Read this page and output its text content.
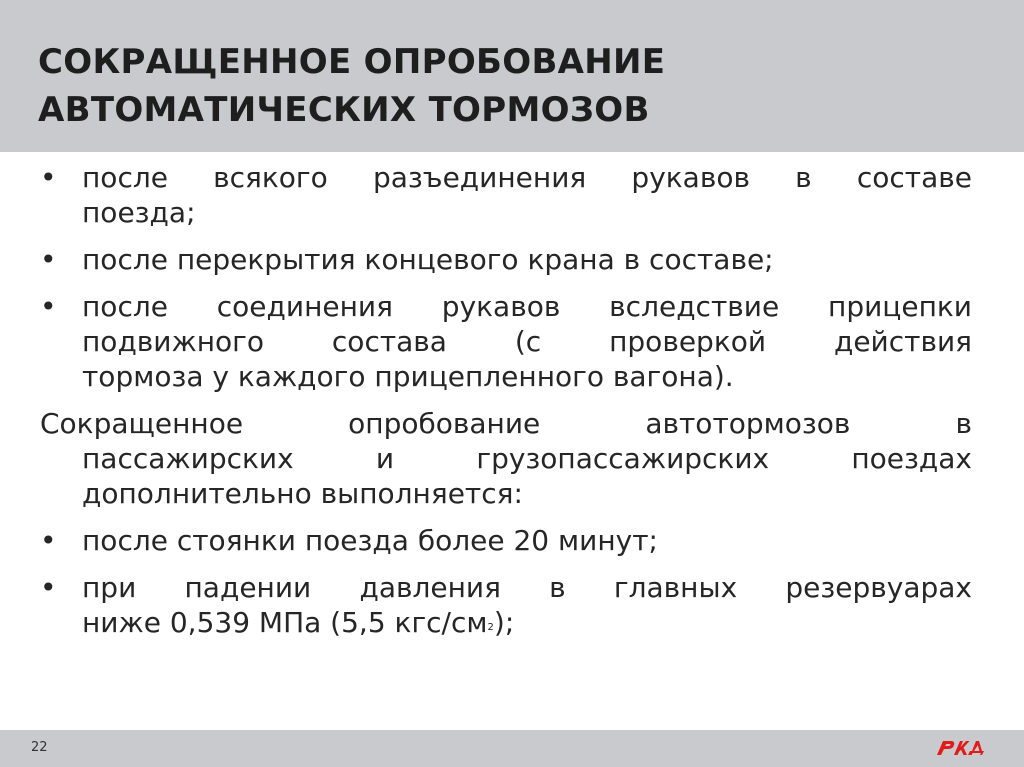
СОКРАЩЕННОЕ ОПРОБОВАНИЕ
АВТОМАТИЧЕСКИХ ТОРМОЗОВ
• после всякого разъединения рукавов в составе
поезда;
• после перекрытия концевого крана в составе;
• после соединения рукавов вследствие прицепки
подвижного состава (с проверкой действия
тормоза у каждого прицепленного вагона).
Сокращенное опробование автотормозов в
пассажирских и грузопассажирских поездах
дополнительно выполняется:
• после стоянки поезда более 20 минут;
• при падении давления в главных резервуарах
ниже 0,539 МПа (5,5 кгс/см2);
22
